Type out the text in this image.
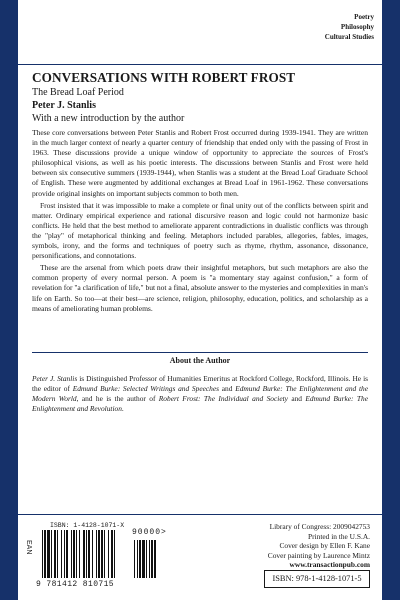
Poetry
Philosophy
Cultural Studies
CONVERSATIONS WITH ROBERT FROST
The Bread Loaf Period
Peter J. Stanlis
With a new introduction by the author

These core conversations between Peter Stanlis and Robert Frost occurred during 1939-1941. They are written in the much larger context of nearly a quarter century of friendship that ended only with the passing of Frost in 1963. These discussions provide a unique window of opportunity to appreciate the sources of Frost's philosophical visions, as well as his poetic interests. The discussions between Stanlis and Frost were held between six consecutive summers (1939-1944), when Stanlis was a student at the Bread Loaf Graduate School of English. These were augmented by additional exchanges at Bread Loaf in 1961-1962. These conversations provide original insights on important subjects common to both men.

Frost insisted that it was impossible to make a complete or final unity out of the conflicts between spirit and matter. Ordinary empirical experience and rational discursive reason and logic could not harmonize basic conflicts. He held that the best method to ameliorate apparent contradictions in dualistic conflicts was through the "play" of metaphorical thinking and feeling. Metaphors included parables, allegories, fables, images, symbols, irony, and the forms and techniques of poetry such as rhyme, rhythm, assonance, dissonance, personifications, and connotations.

These are the arsenal from which poets draw their insightful metaphors, but such metaphors are also the common property of every normal person. A poem is "a momentary stay against confusion," a form of revelation for "a clarification of life," but not a final, absolute answer to the mysteries and complexities in man's life on Earth. So too—at their best—are science, religion, philosophy, education, politics, and scholarship as a means of ameliorating human problems.

About the Author
Peter J. Stanlis is Distinguished Professor of Humanities Emeritus at Rockford College, Rockford, Illinois. He is the editor of Edmund Burke: Selected Writings and Speeches and Edmund Burke: The Enlightenment and the Modern World, and he is the author of Robert Frost: The Individual and Society and Edmund Burke: The Enlightenment and Revolution.
ISBN: 1-4128-1071-X
90000>
EAN
9 781412 810715
Library of Congress: 2009042753
Printed in the U.S.A.
Cover design by Ellen F. Kane
Cover painting by Laurence Mintz
www.transactionpub.com
ISBN: 978-1-4128-1071-5
